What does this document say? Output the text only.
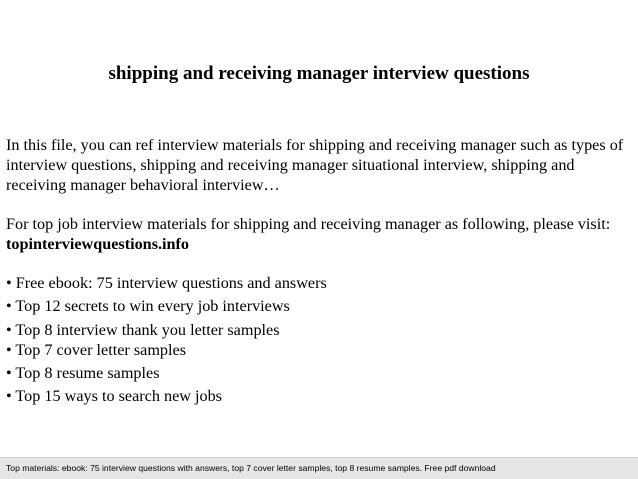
shipping and receiving manager interview questions

In this file, you can ref interview materials for shipping and receiving manager such as types of interview questions, shipping and receiving manager situational interview, shipping and receiving manager behavioral interview…

For top job interview materials for shipping and receiving manager as following, please visit: topinterviewquestions.info

• Free ebook: 75 interview questions and answers
• Top 12 secrets to win every job interviews
• Top 8 interview thank you letter samples
• Top 7 cover letter samples
• Top 8 resume samples
• Top 15 ways to search new jobs
Top materials: ebook: 75 interview questions with answers, top 7 cover letter samples, top 8 resume samples. Free pdf download
